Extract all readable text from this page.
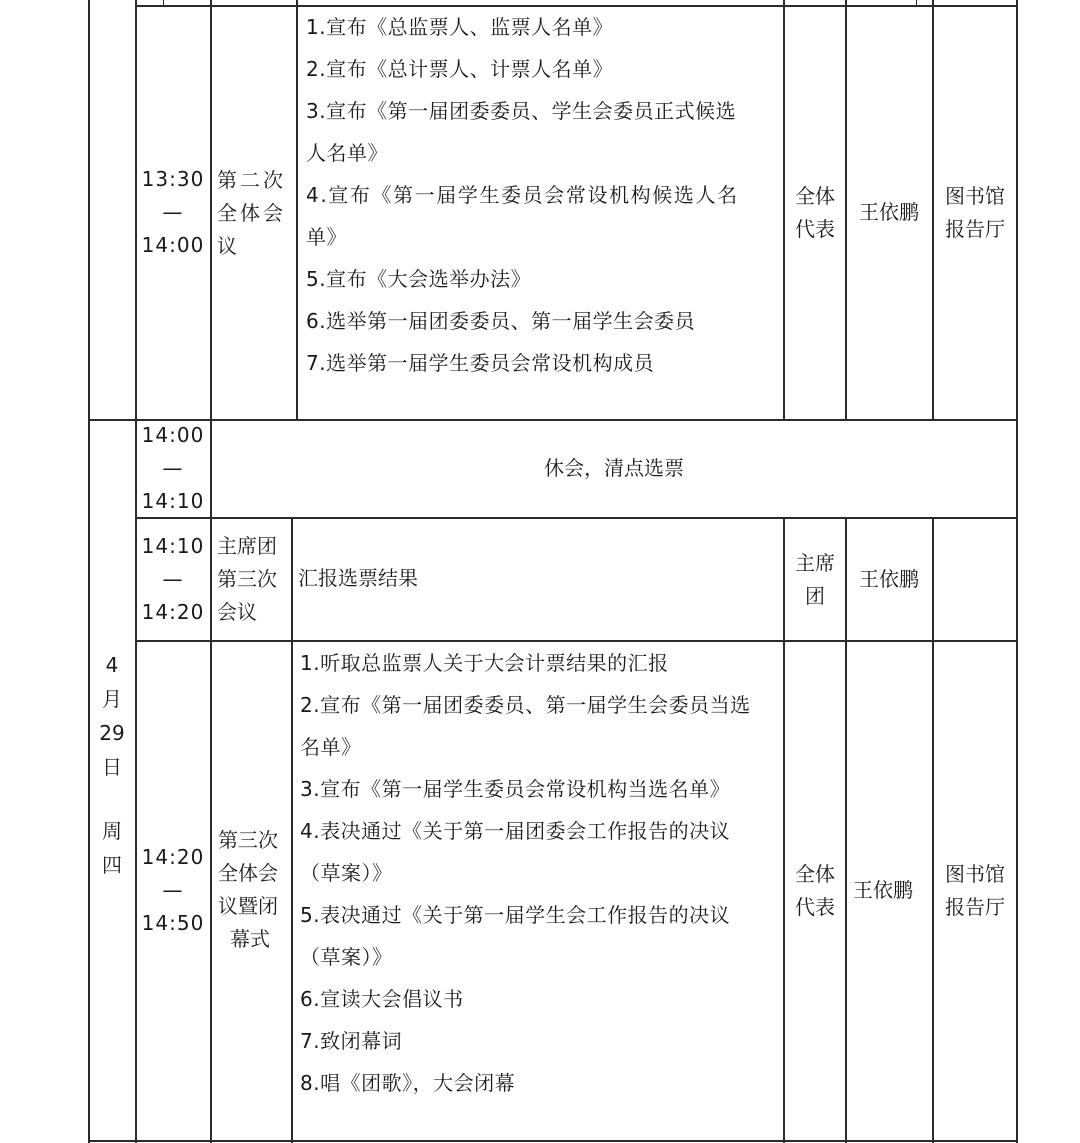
13:30
—
14:00
第二次
全体会
议
1.宣布《总监票人、监票人名单》
2.宣布《总计票人、计票人名单》
3.宣布《第一届团委委员、学生会委员正式候选
人名单》
4.宣布《第一届学生委员会常设机构候选人名
单》
5.宣布《大会选举办法》
6.选举第一届团委委员、第一届学生会委员
7.选举第一届学生委员会常设机构成员
全体
代表
王依鹏
图书馆
报告厅
4
月
29
日
周
四
14:00
—
14:10
休会，清点选票
14:10
—
14:20
主席团
第三次
会议
汇报选票结果
主席
团
王依鹏
14:20
—
14:50
第三次
全体会
议暨闭
幕式
1.听取总监票人关于大会计票结果的汇报
2.宣布《第一届团委委员、第一届学生会委员当选
名单》
3.宣布《第一届学生委员会常设机构当选名单》
4.表决通过《关于第一届团委会工作报告的决议
（草案）》
5.表决通过《关于第一届学生会工作报告的决议
（草案）》
6.宣读大会倡议书
7.致闭幕词
8.唱《团歌》，大会闭幕
全体
代表
王依鹏
图书馆
报告厅
